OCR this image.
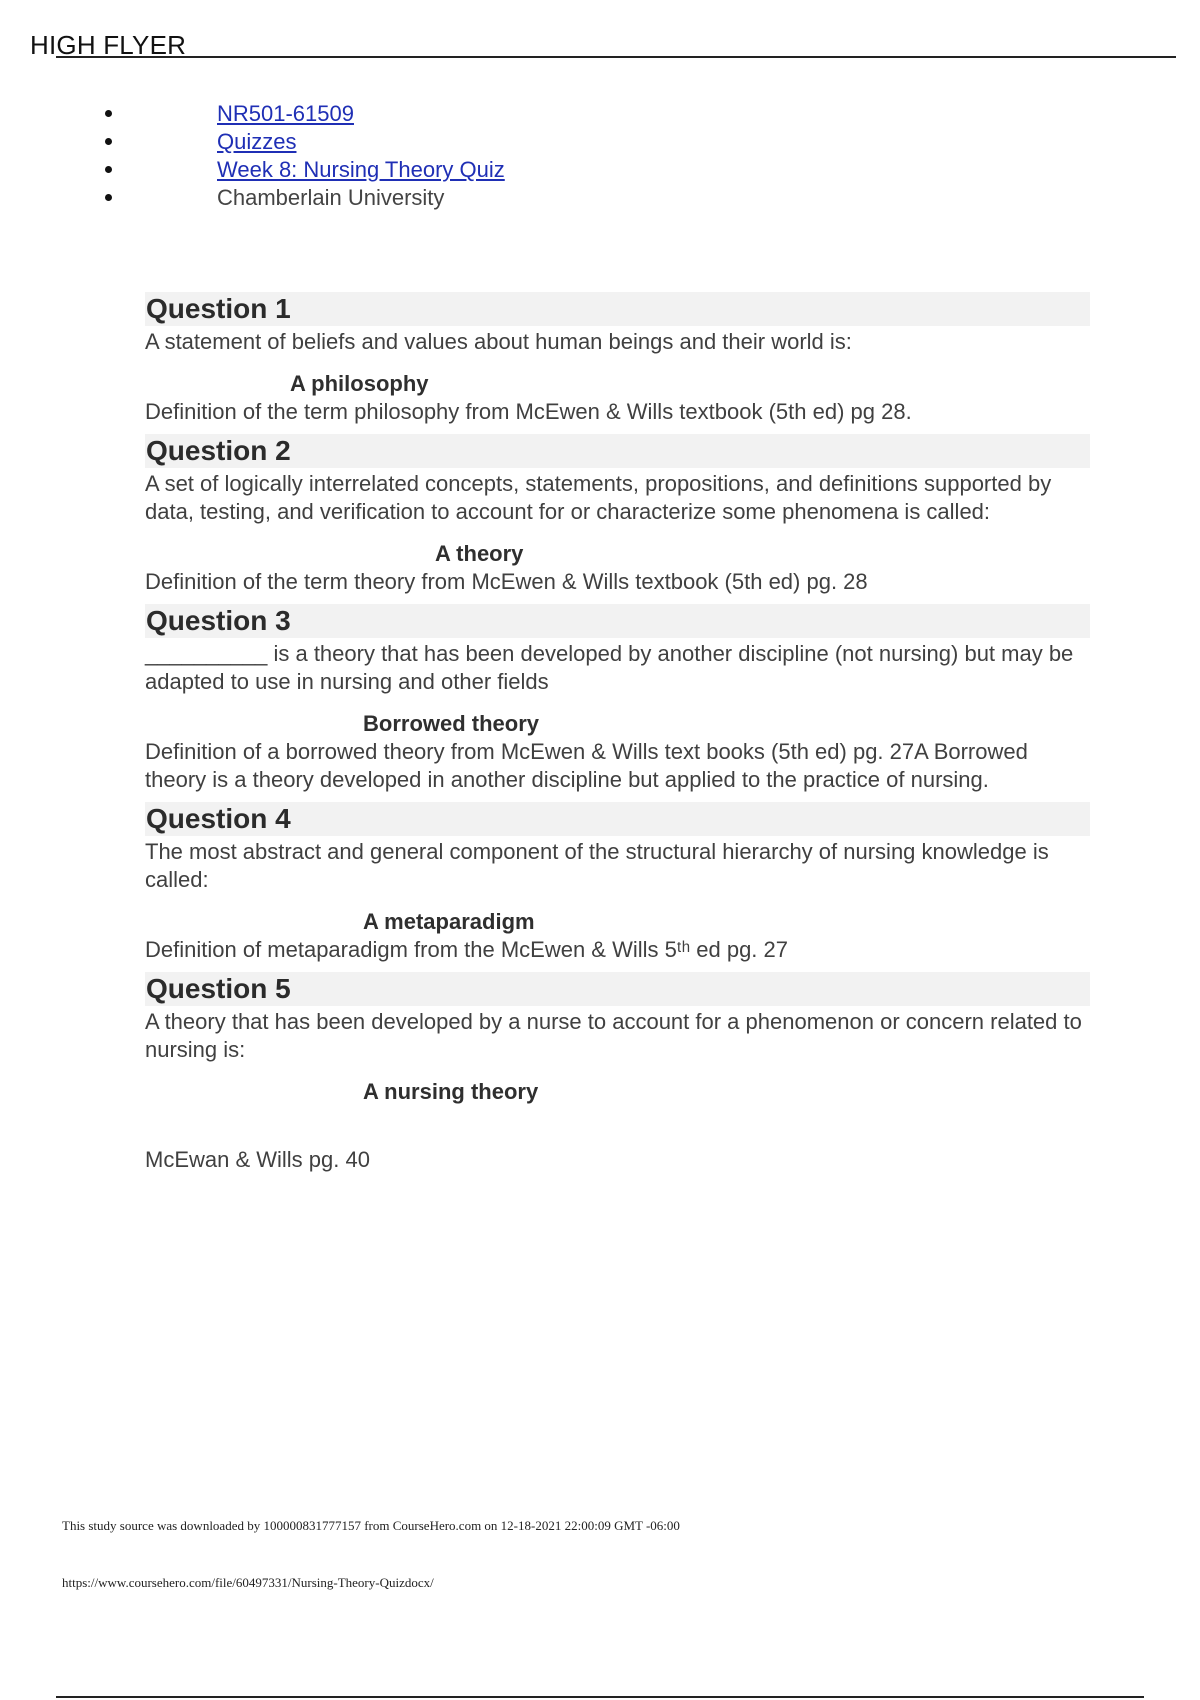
HIGH FLYER
NR501-61509
Quizzes
Week 8: Nursing Theory Quiz
Chamberlain University
Question 1
A statement of beliefs and values about human beings and their world is:
A philosophy
Definition of the term philosophy from McEwen & Wills textbook (5th ed) pg 28.
Question 2
A set of logically interrelated concepts, statements, propositions, and definitions supported by data, testing, and verification to account for or characterize some phenomena is called:
A theory
Definition of the term theory from McEwen & Wills textbook (5th ed) pg. 28
Question 3
__________ is a theory that has been developed by another discipline (not nursing) but may be adapted to use in nursing and other fields
Borrowed theory
Definition of a borrowed theory from McEwen & Wills text books (5th ed) pg. 27A Borrowed theory is a theory developed in another discipline but applied to the practice of nursing.
Question 4
The most abstract and general component of the structural hierarchy of nursing knowledge is called:
A metaparadigm
Definition of metaparadigm from the McEwen & Wills 5ᵗʰ ed pg. 27
Question 5
A theory that has been developed by a nurse to account for a phenomenon or concern related to nursing is:
A nursing theory
McEwan & Wills pg. 40
This study source was downloaded by 100000831777157 from CourseHero.com on 12-18-2021 22:00:09 GMT -06:00
https://www.coursehero.com/file/60497331/Nursing-Theory-Quizdocx/
